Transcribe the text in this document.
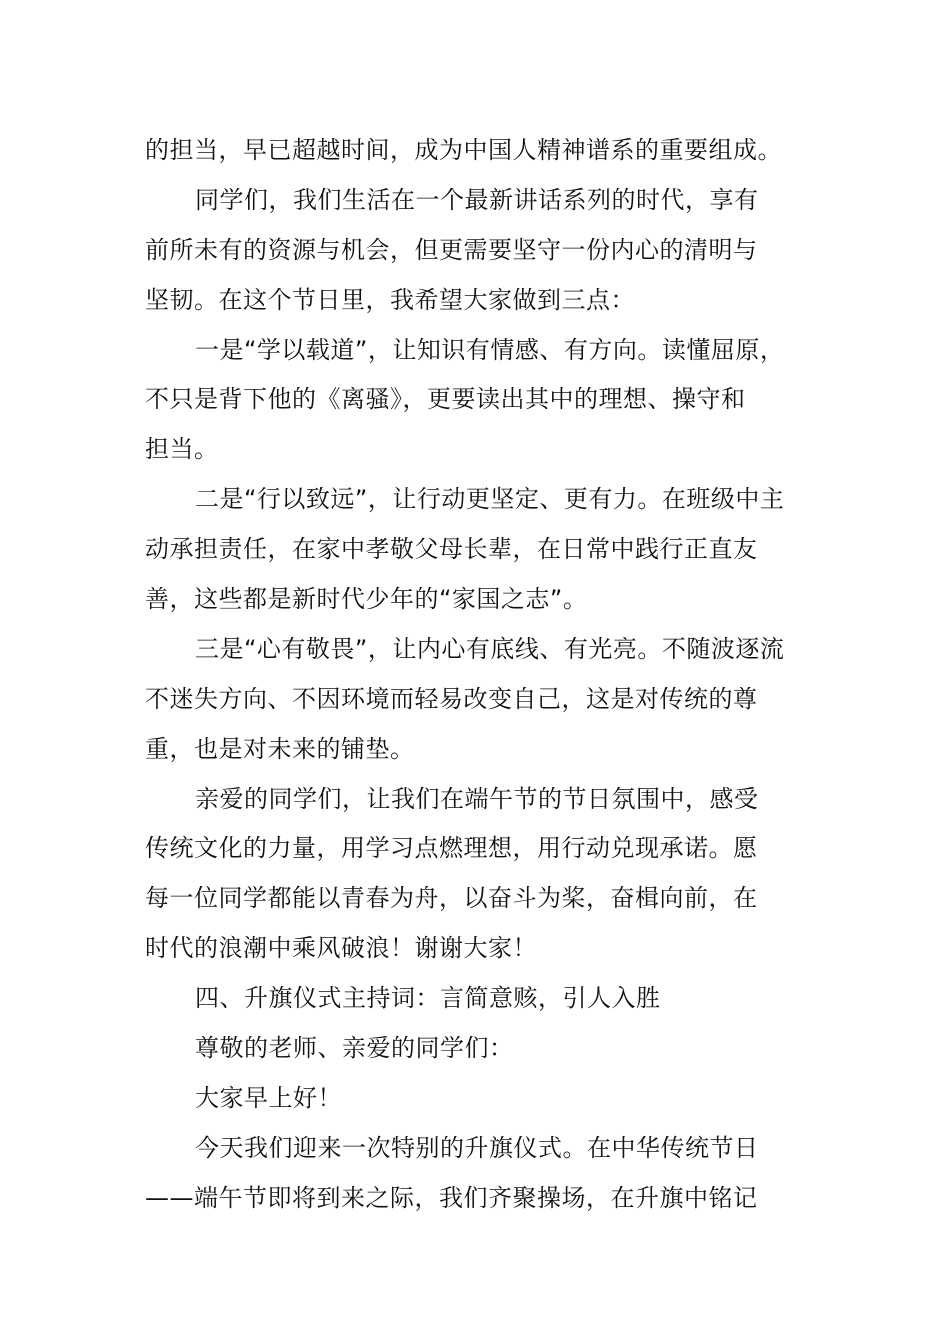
的担当，早已超越时间，成为中国人精神谱系的重要组成。
同学们，我们生活在一个最新讲话系列的时代，享有
前所未有的资源与机会，但更需要坚守一份内心的清明与
坚韧。在这个节日里，我希望大家做到三点：
一是“学以载道”，让知识有情感、有方向。读懂屈原，
不只是背下他的《离骚》，更要读出其中的理想、操守和
担当。
二是“行以致远”，让行动更坚定、更有力。在班级中主
动承担责任，在家中孝敬父母长辈，在日常中践行正直友
善，这些都是新时代少年的“家国之志”。
三是“心有敬畏”，让内心有底线、有光亮。不随波逐流
不迷失方向、不因环境而轻易改变自己，这是对传统的尊
重，也是对未来的铺垫。
亲爱的同学们，让我们在端午节的节日氛围中，感受
传统文化的力量，用学习点燃理想，用行动兑现承诺。愿
每一位同学都能以青春为舟，以奋斗为桨，奋楫向前，在
时代的浪潮中乘风破浪！谢谢大家！
四、升旗仪式主持词：言简意赅，引人入胜
尊敬的老师、亲爱的同学们：
大家早上好！
今天我们迎来一次特别的升旗仪式。在中华传统节日
——端午节即将到来之际，我们齐聚操场，在升旗中铭记
